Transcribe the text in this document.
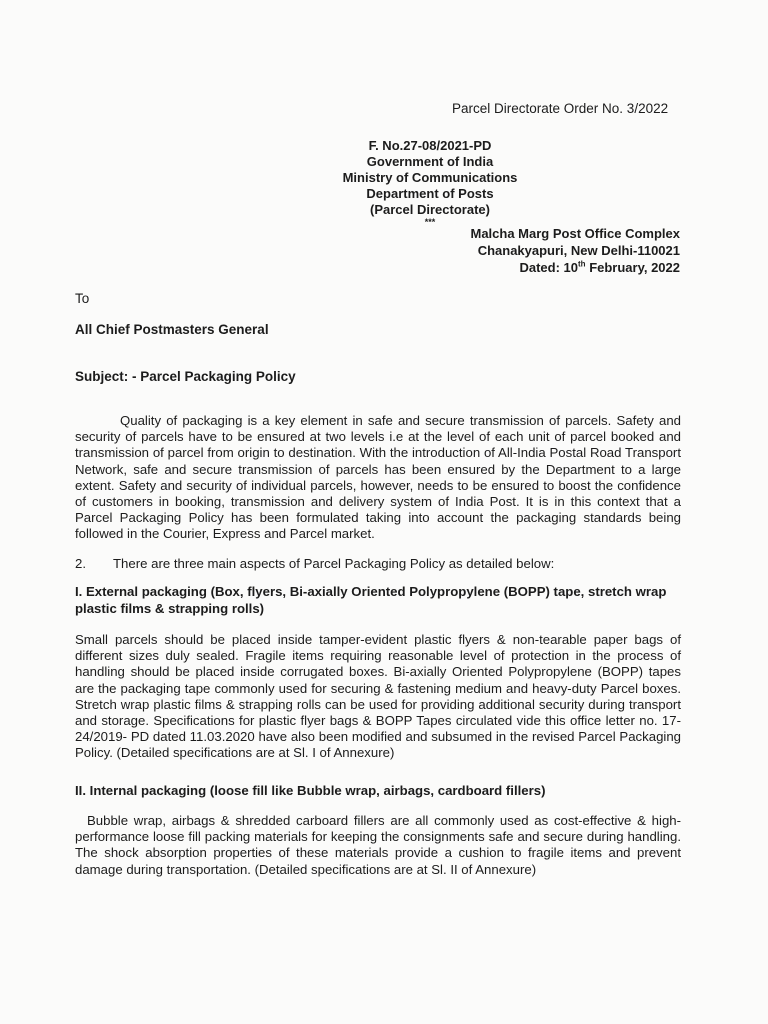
Parcel Directorate Order No. 3/2022
F. No.27-08/2021-PD
Government of India
Ministry of Communications
Department of Posts
(Parcel Directorate)
***
Malcha Marg Post Office Complex
Chanakyapuri, New Delhi-110021
Dated: 10th February, 2022
To
All Chief Postmasters General
Subject: - Parcel Packaging Policy
Quality of packaging is a key element in safe and secure transmission of parcels. Safety and security of parcels have to be ensured at two levels i.e at the level of each unit of parcel booked and transmission of parcel from origin to destination. With the introduction of All-India Postal Road Transport Network, safe and secure transmission of parcels has been ensured by the Department to a large extent. Safety and security of individual parcels, however, needs to be ensured to boost the confidence of customers in booking, transmission and delivery system of India Post. It is in this context that a Parcel Packaging Policy has been formulated taking into account the packaging standards being followed in the Courier, Express and Parcel market.
2. There are three main aspects of Parcel Packaging Policy as detailed below:
I. External packaging (Box, flyers, Bi-axially Oriented Polypropylene (BOPP) tape, stretch wrap plastic films & strapping rolls)
Small parcels should be placed inside tamper-evident plastic flyers & non-tearable paper bags of different sizes duly sealed. Fragile items requiring reasonable level of protection in the process of handling should be placed inside corrugated boxes. Bi-axially Oriented Polypropylene (BOPP) tapes are the packaging tape commonly used for securing & fastening medium and heavy-duty Parcel boxes. Stretch wrap plastic films & strapping rolls can be used for providing additional security during transport and storage. Specifications for plastic flyer bags & BOPP Tapes circulated vide this office letter no. 17-24/2019- PD dated 11.03.2020 have also been modified and subsumed in the revised Parcel Packaging Policy. (Detailed specifications are at Sl. I of Annexure)
II. Internal packaging (loose fill like Bubble wrap, airbags, cardboard fillers)
Bubble wrap, airbags & shredded carboard fillers are all commonly used as cost-effective & high-performance loose fill packing materials for keeping the consignments safe and secure during handling. The shock absorption properties of these materials provide a cushion to fragile items and prevent damage during transportation. (Detailed specifications are at Sl. II of Annexure)
